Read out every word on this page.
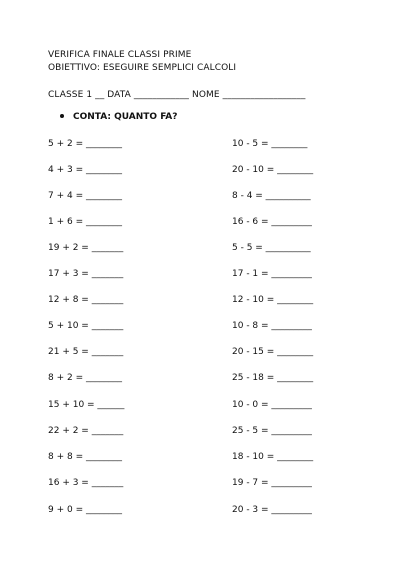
VERIFICA FINALE CLASSI PRIME
OBIETTIVO: ESEGUIRE SEMPLICI CALCOLI
CLASSE 1 __ DATA ____________ NOME __________________
CONTA: QUANTO FA?
5 + 2 = ________
4 + 3 = ________
7 + 4 = ________
1 + 6 = ________
19 + 2 = _______
17 + 3 = _______
12 + 8 = _______
5 + 10 = _______
21 + 5 = _______
8 + 2 = ________
15 + 10 = ______
22 + 2 = _______
8 + 8 = ________
16 + 3 = _______
9 + 0 = ________
10 - 5 = ________
20 - 10 = ________
8 - 4 = __________
16 - 6 = _________
5 - 5 = __________
17 - 1 = _________
12 - 10 = ________
10 - 8 = _________
20 - 15 = ________
25 - 18 = ________
10 - 0 = _________
25 - 5 = _________
18 - 10 = ________
19 - 7 = _________
20 - 3 = _________
